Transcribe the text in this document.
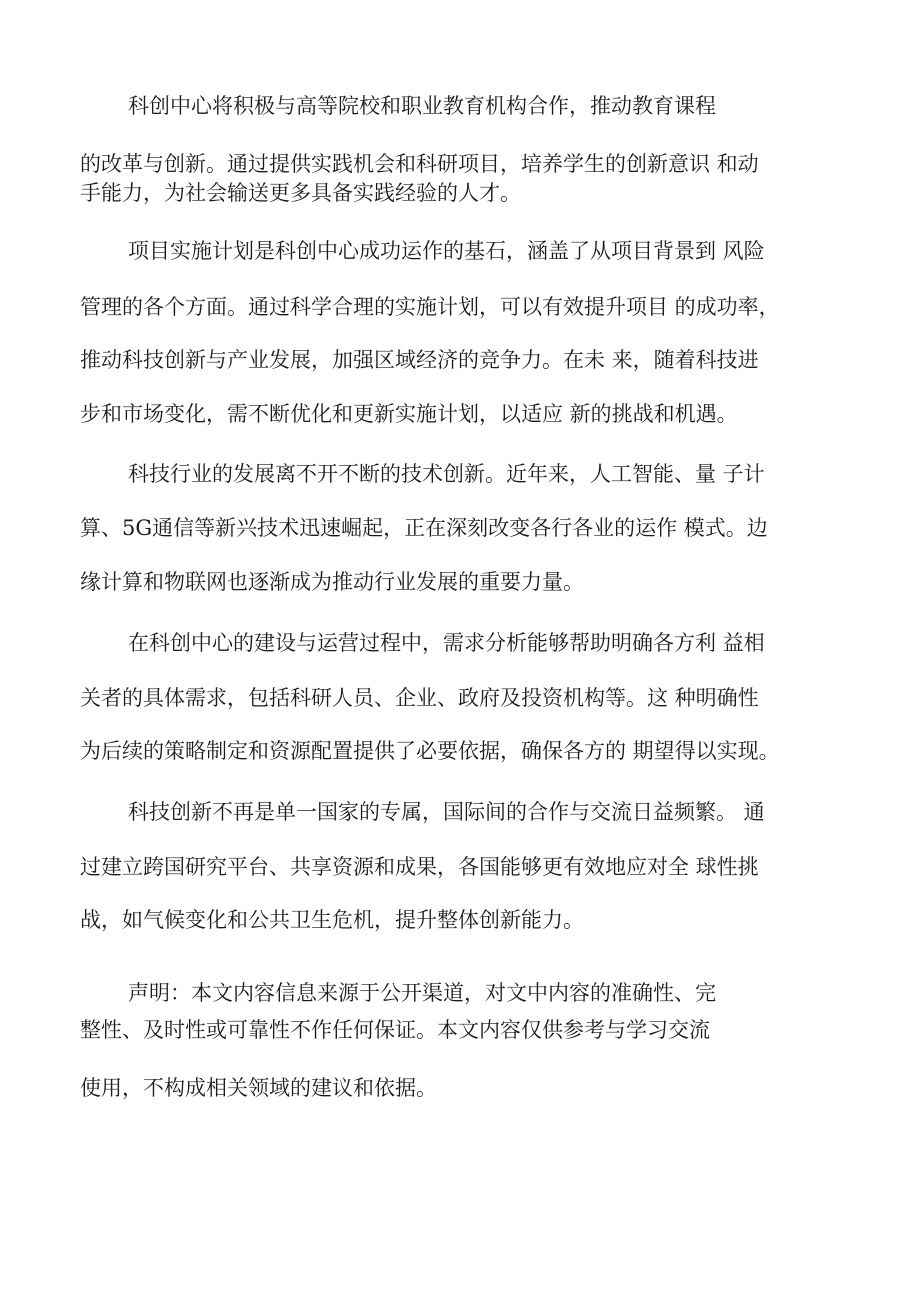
科创中心将积极与高等院校和职业教育机构合作，推动教育课程
的改革与创新。通过提供实践机会和科研项目，培养学生的创新意识 和动
手能力，为社会输送更多具备实践经验的人才。
项目实施计划是科创中心成功运作的基石，涵盖了从项目背景到 风险
管理的各个方面。通过科学合理的实施计划，可以有效提升项目 的成功率，
推动科技创新与产业发展，加强区域经济的竞争力。在未 来，随着科技进
步和市场变化，需不断优化和更新实施计划，以适应 新的挑战和机遇。
科技行业的发展离不开不断的技术创新。近年来，人工智能、量 子计
算、5G通信等新兴技术迅速崛起，正在深刻改变各行各业的运作 模式。边
缘计算和物联网也逐渐成为推动行业发展的重要力量。
在科创中心的建设与运营过程中，需求分析能够帮助明确各方利 益相
关者的具体需求，包括科研人员、企业、政府及投资机构等。这 种明确性
为后续的策略制定和资源配置提供了必要依据，确保各方的 期望得以实现。
科技创新不再是单一国家的专属，国际间的合作与交流日益频繁。 通
过建立跨国研究平台、共享资源和成果，各国能够更有效地应对全 球性挑
战，如气候变化和公共卫生危机，提升整体创新能力。
声明：本文内容信息来源于公开渠道，对文中内容的准确性、完
整性、及时性或可靠性不作任何保证。本文内容仅供参考与学习交流
使用，不构成相关领域的建议和依据。
